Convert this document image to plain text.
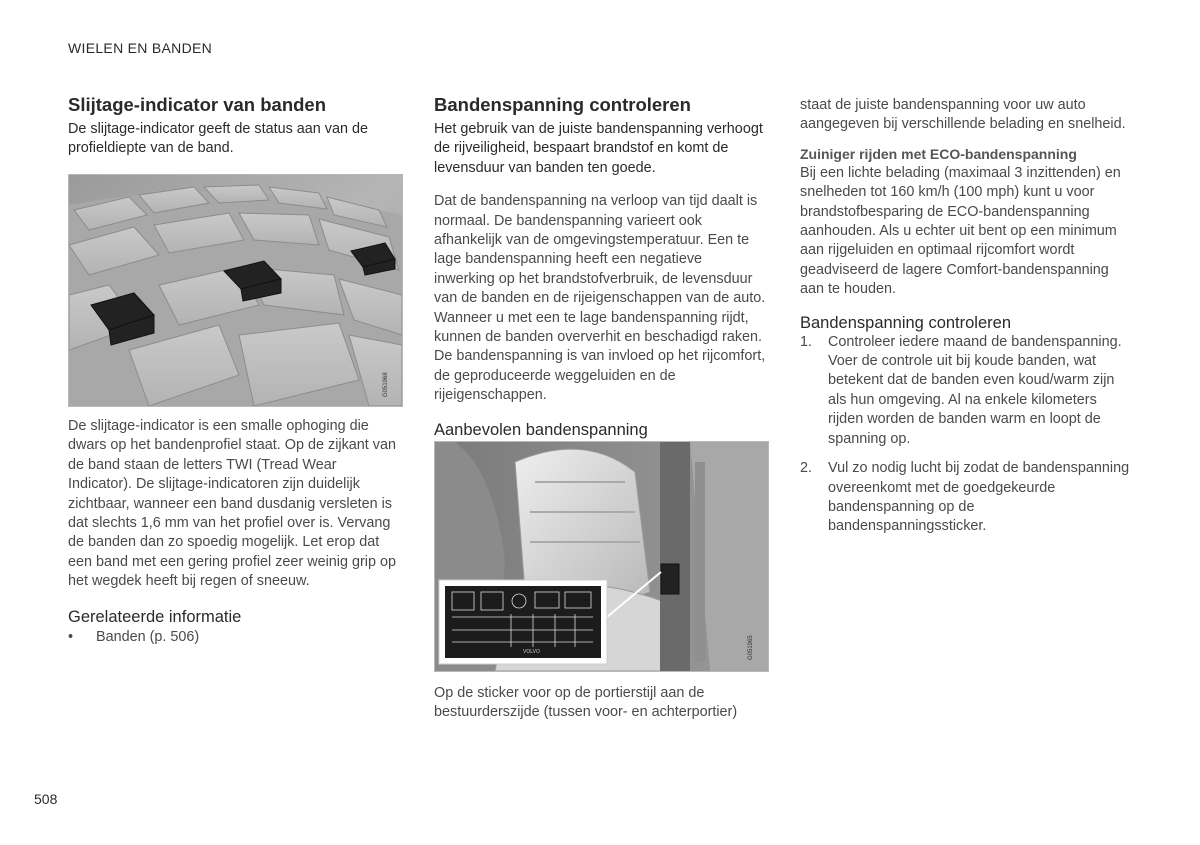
WIELEN EN BANDEN
Slijtage-indicator van banden

De slijtage-indicator geeft de status aan van de profieldiepte van de band.

G051968

De slijtage-indicator is een smalle ophoging die dwars op het bandenprofiel staat. Op de zijkant van de band staan de letters TWI (Tread Wear Indicator). De slijtage-indicatoren zijn duidelijk zichtbaar, wanneer een band dusdanig versleten is dat slechts 1,6 mm van het profiel over is. Vervang de banden dan zo spoedig mogelijk. Let erop dat een band met een gering profiel zeer weinig grip op het wegdek heeft bij regen of sneeuw.

Gerelateerde informatie
• Banden (p. 506)
Bandenspanning controleren

Het gebruik van de juiste bandenspanning verhoogt de rijveiligheid, bespaart brandstof en komt de levensduur van banden ten goede.

Dat de bandenspanning na verloop van tijd daalt is normaal. De bandenspanning varieert ook afhankelijk van de omgevingstemperatuur. Een te lage bandenspanning heeft een negatieve inwerking op het brandstofverbruik, de levensduur van de banden en de rijeigenschappen van de auto. Wanneer u met een te lage bandenspanning rijdt, kunnen de banden oververhit en beschadigd raken. De bandenspanning is van invloed op het rijcomfort, de geproduceerde weggeluiden en de rijeigenschappen.

Aanbevolen bandenspanning
VOLVO	G051965

Op de sticker voor op de portierstijl aan de bestuurderszijde (tussen voor- en achterportier)

staat de juiste bandenspanning voor uw auto aangegeven bij verschillende belading en snelheid.

Zuiniger rijden met ECO-bandenspanning

Bij een lichte belading (maximaal 3 inzittenden) en snelheden tot 160 km/h (100 mph) kunt u voor brandstofbesparing de ECO-bandenspanning aanhouden. Als u echter uit bent op een minimum aan rijgeluiden en optimaal rijcomfort wordt geadviseerd de lagere Comfort-bandenspanning aan te houden.

Bandenspanning controleren
1. Controleer iedere maand de bandenspanning. Voer de controle uit bij koude banden, wat betekent dat de banden even koud/warm zijn als hun omgeving. Al na enkele kilometers rijden worden de banden warm en loopt de spanning op.
2. Vul zo nodig lucht bij zodat de bandenspanning overeenkomt met de goedgekeurde bandenspanning op de bandenspanningssticker.
508
